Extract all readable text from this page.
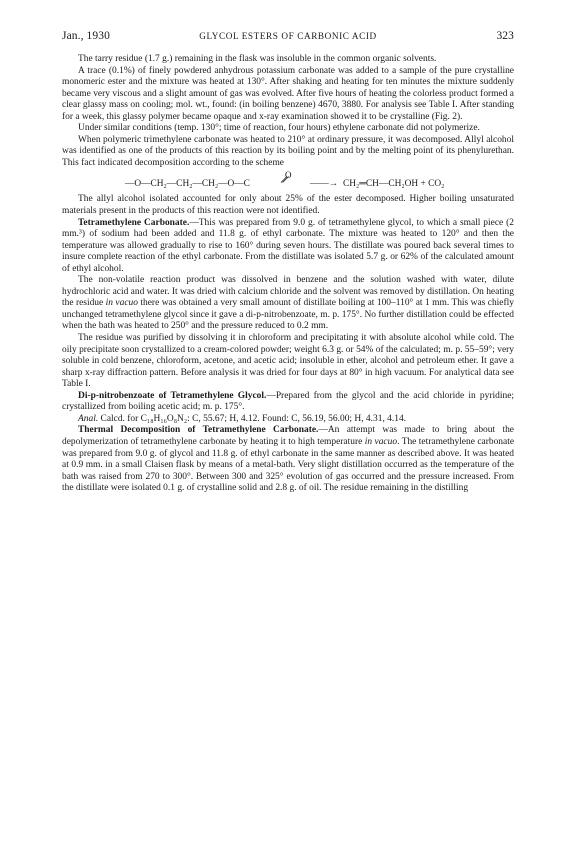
Jan., 1930	GLYCOL ESTERS OF CARBONIC ACID	323

The tarry residue (1.7 g.) remaining in the flask was insoluble in the common organic solvents.

A trace (0.1%) of finely powdered anhydrous potassium carbonate was added to a sample of the pure crystalline monomeric ester and the mixture was heated at 130°. After shaking and heating for ten minutes the mixture suddenly became very viscous and a slight amount of gas was evolved. After five hours of heating the colorless product formed a clear glassy mass on cooling; mol. wt., found: (in boiling benzene) 4670, 3880. For analysis see Table I. After standing for a week, this glassy polymer became opaque and x-ray examination showed it to be crystalline (Fig. 2).

Under similar conditions (temp. 130°; time of reaction, four hours) ethylene carbonate did not polymerize.

When polymeric trimethylene carbonate was heated to 210° at ordinary pressure, it was decomposed. Allyl alcohol was identified as one of the products of this reaction by its boiling point and by the melting point of its phenylurethan. This fact indicated decomposition according to the scheme

—O—CH₂—CH₂—CH₂—O—C
O
——→ CH₂═CH—CH₂OH + CO₂

The allyl alcohol isolated accounted for only about 25% of the ester decomposed. Higher boiling unsaturated materials present in the products of this reaction were not identified.

Tetramethylene Carbonate.—This was prepared from 9.0 g. of tetramethylene glycol, to which a small piece (2 mm.³) of sodium had been added and 11.8 g. of ethyl carbonate. The mixture was heated to 120° and then the temperature was allowed gradually to rise to 160° during seven hours. The distillate was poured back several times to insure complete reaction of the ethyl carbonate. From the distillate was isolated 5.7 g. or 62% of the calculated amount of ethyl alcohol.

The non-volatile reaction product was dissolved in benzene and the solution washed with water, dilute hydrochloric acid and water. It was dried with calcium chloride and the solvent was removed by distillation. On heating the residue in vacuo there was obtained a very small amount of distillate boiling at 100–110° at 1 mm. This was chiefly unchanged tetramethylene glycol since it gave a di-p-nitrobenzoate, m. p. 175°. No further distillation could be effected when the bath was heated to 250° and the pressure reduced to 0.2 mm.

The residue was purified by dissolving it in chloroform and precipitating it with absolute alcohol while cold. The oily precipitate soon crystallized to a cream-colored powder; weight 6.3 g. or 54% of the calculated; m. p. 55–59°; very soluble in cold benzene, chloroform, acetone, and acetic acid; insoluble in ether, alcohol and petroleum ether. It gave a sharp x-ray diffraction pattern. Before analysis it was dried for four days at 80° in high vacuum. For analytical data see Table I.

Di-p-nitrobenzoate of Tetramethylene Glycol.—Prepared from the glycol and the acid chloride in pyridine; crystallized from boiling acetic acid; m. p. 175°.

Anal. Calcd. for C₁₈H₁₆O₈N₂: C, 55.67; H, 4.12. Found: C, 56.19, 56.00; H, 4.31, 4.14.

Thermal Decomposition of Tetramethylene Carbonate.—An attempt was made to bring about the depolymerization of tetramethylene carbonate by heating it to high temperature in vacuo. The tetramethylene carbonate was prepared from 9.0 g. of glycol and 11.8 g. of ethyl carbonate in the same manner as described above. It was heated at 0.9 mm. in a small Claisen flask by means of a metal-bath. Very slight distillation occurred as the temperature of the bath was raised from 270 to 300°. Between 300 and 325° evolution of gas occurred and the pressure increased. From the distillate were isolated 0.1 g. of crystalline solid and 2.8 g. of oil. The residue remaining in the distilling
